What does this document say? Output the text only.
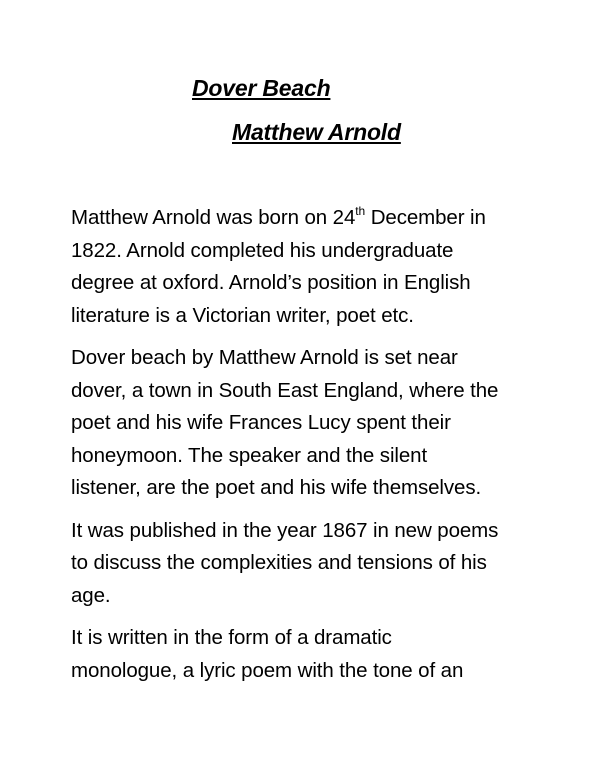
Dover Beach
Matthew Arnold

Matthew Arnold was born on 24th December in
1822. Arnold completed his undergraduate
degree at oxford. Arnold’s position in English
literature is a Victorian writer, poet etc.

Dover beach by Matthew Arnold is set near
dover, a town in South East England, where the
poet and his wife Frances Lucy spent their
honeymoon. The speaker and the silent
listener, are the poet and his wife themselves.

It was published in the year 1867 in new poems
to discuss the complexities and tensions of his
age.

It is written in the form of a dramatic
monologue, a lyric poem with the tone of an
